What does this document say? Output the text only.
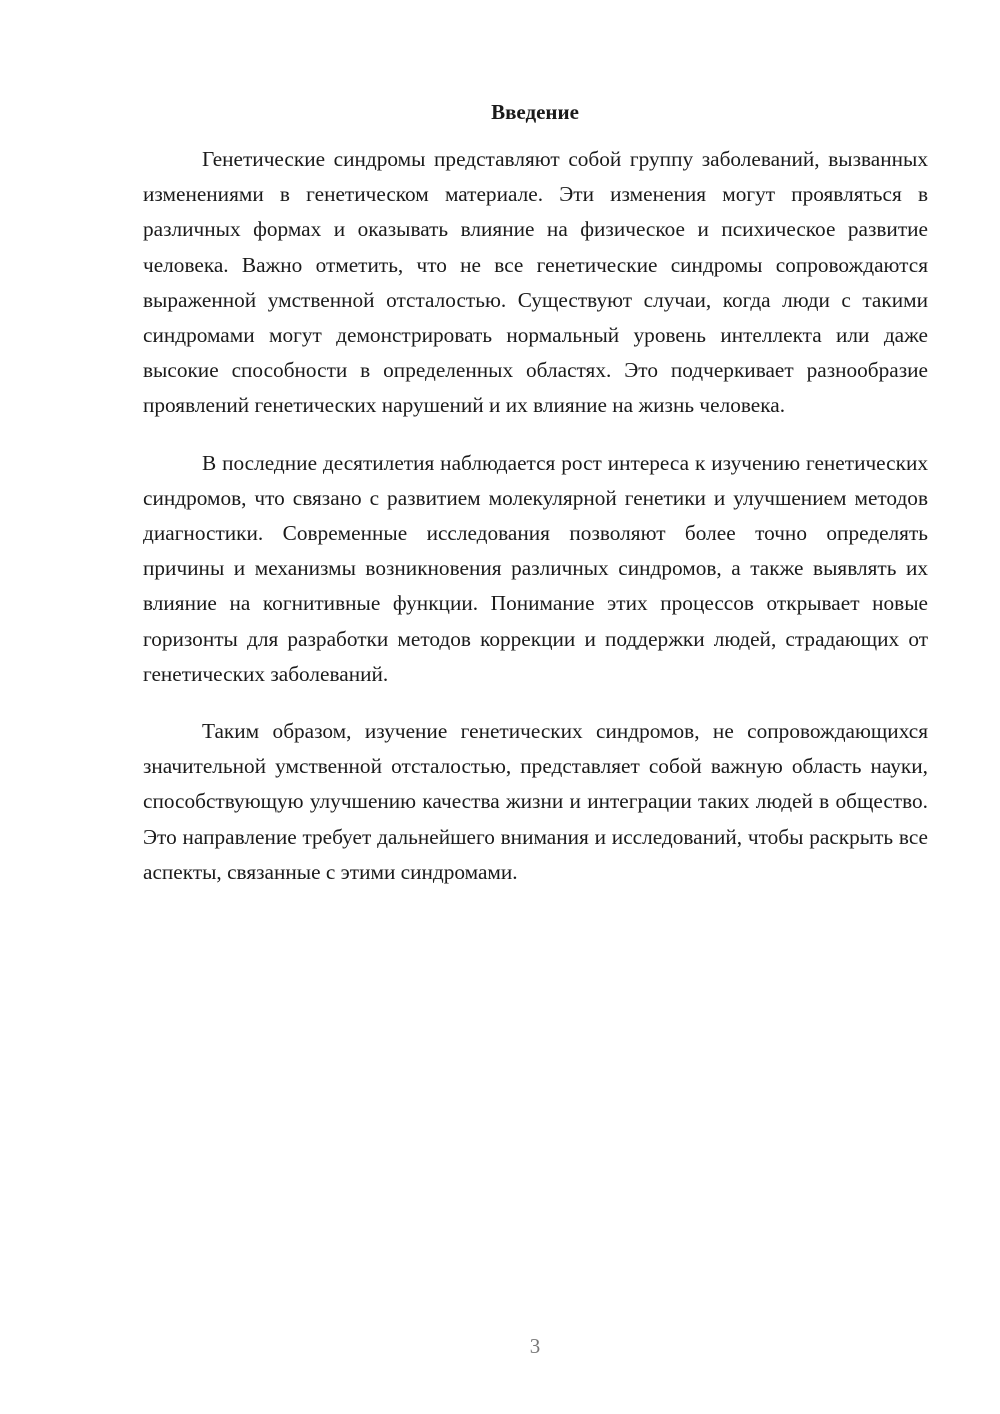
Введение

Генетические синдромы представляют собой группу заболеваний, вызванных изменениями в генетическом материале. Эти изменения могут проявляться в различных формах и оказывать влияние на физическое и психическое развитие человека. Важно отметить, что не все генетические синдромы сопровождаются выраженной умственной отсталостью. Существуют случаи, когда люди с такими синдромами могут демонстрировать нормальный уровень интеллекта или даже высокие способности в определенных областях. Это подчеркивает разнообразие проявлений генетических нарушений и их влияние на жизнь человека.

В последние десятилетия наблюдается рост интереса к изучению генетических синдромов, что связано с развитием молекулярной генетики и улучшением методов диагностики. Современные исследования позволяют более точно определять причины и механизмы возникновения различных синдромов, а также выявлять их влияние на когнитивные функции. Понимание этих процессов открывает новые горизонты для разработки методов коррекции и поддержки людей, страдающих от генетических заболеваний.

Таким образом, изучение генетических синдромов, не сопровождающихся значительной умственной отсталостью, представляет собой важную область науки, способствующую улучшению качества жизни и интеграции таких людей в общество. Это направление требует дальнейшего внимания и исследований, чтобы раскрыть все аспекты, связанные с этими синдромами.

3
